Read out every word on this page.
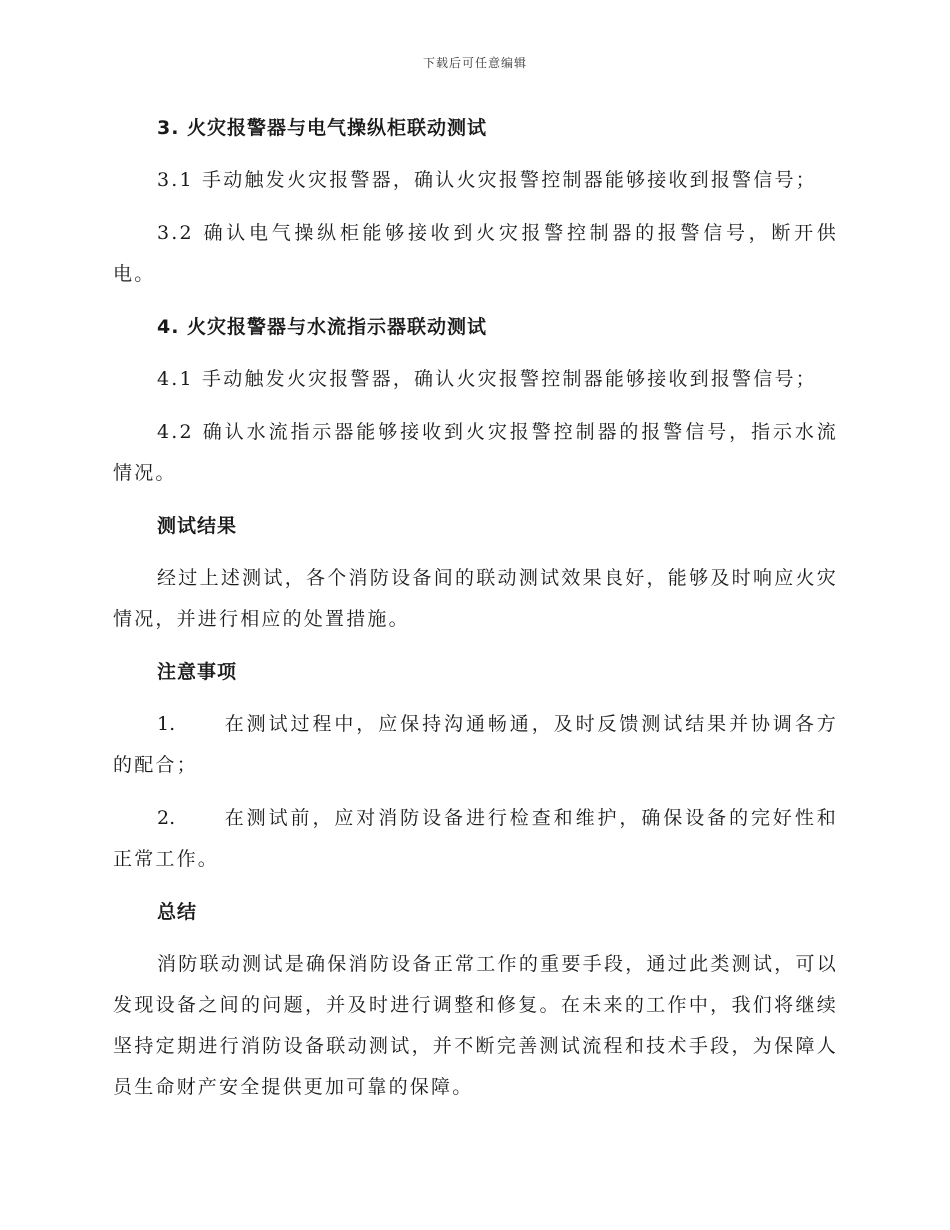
下载后可任意编辑
3. 火灾报警器与电气操纵柜联动测试

3.1 手动触发火灾报警器，确认火灾报警控制器能够接收到报警信号；

3.2 确认电气操纵柜能够接收到火灾报警控制器的报警信号，断开供电。

4. 火灾报警器与水流指示器联动测试

4.1 手动触发火灾报警器，确认火灾报警控制器能够接收到报警信号；

4.2 确认水流指示器能够接收到火灾报警控制器的报警信号，指示水流情况。

测试结果

经过上述测试，各个消防设备间的联动测试效果良好，能够及时响应火灾情况，并进行相应的处置措施。

注意事项

1.	在测试过程中，应保持沟通畅通，及时反馈测试结果并协调各方的配合；

2.	在测试前，应对消防设备进行检查和维护，确保设备的完好性和正常工作。

总结

消防联动测试是确保消防设备正常工作的重要手段，通过此类测试，可以发现设备之间的问题，并及时进行调整和修复。在未来的工作中，我们将继续坚持定期进行消防设备联动测试，并不断完善测试流程和技术手段，为保障人员生命财产安全提供更加可靠的保障。
